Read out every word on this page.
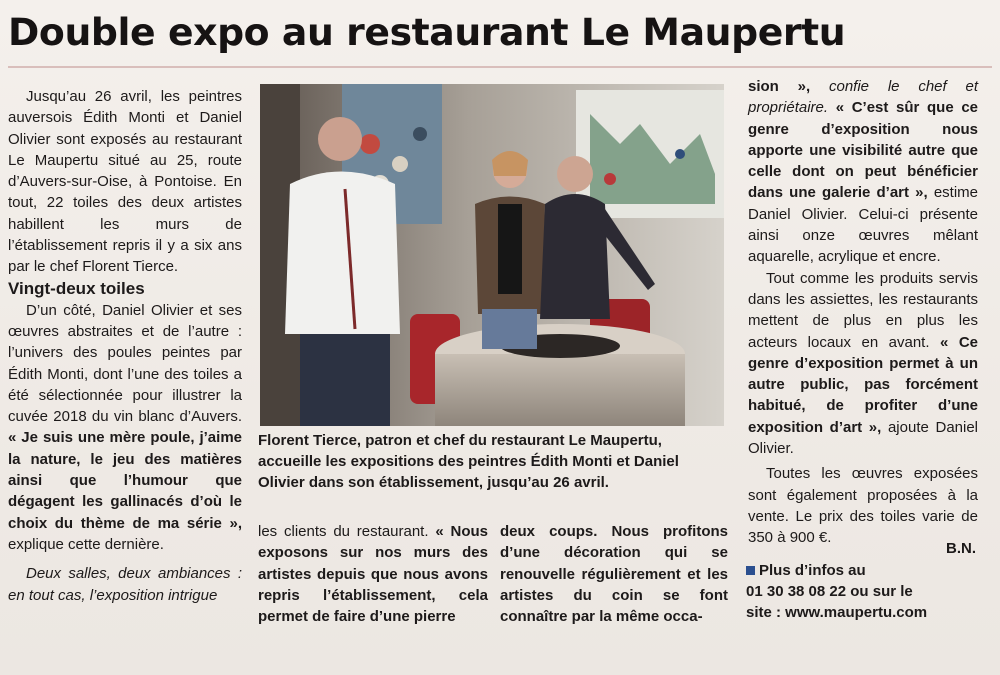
Double expo au restaurant Le Maupertu

Jusqu’au 26 avril, les peintres auversois Édith Monti et Daniel Olivier sont exposés au restaurant Le Maupertu situé au 25, route d’Auvers-sur-Oise, à Pontoise. En tout, 22 toiles des deux artistes habillent les murs de l’établissement repris il y a six ans par le chef Florent Tierce.

Vingt-deux toiles

D’un côté, Daniel Olivier et ses œuvres abstraites et de l’autre : l’univers des poules peintes par Édith Monti, dont l’une des toiles a été sélectionnée pour illustrer la cuvée 2018 du vin blanc d’Auvers. « Je suis une mère poule, j’aime la nature, le jeu des matières ainsi que l’humour que dégagent les gallinacés d’où le choix du thème de ma série », explique cette dernière.

Deux salles, deux ambiances : en tout cas, l’exposition intrigue

Florent Tierce, patron et chef du restaurant Le Maupertu, accueille les expositions des peintres Édith Monti et Daniel Olivier dans son établissement, jusqu’au 26 avril.

les clients du restaurant. « Nous exposons sur nos murs des artistes depuis que nous avons repris l’établissement, cela permet de faire d’une pierre

deux coups. Nous profitons d’une décoration qui se renouvelle régulièrement et les artistes du coin se font connaître par la même occa-

sion », confie le chef et propriétaire. « C’est sûr que ce genre d’exposition nous apporte une visibilité autre que celle dont on peut bénéficier dans une galerie d’art », estime Daniel Olivier. Celui-ci présente ainsi onze œuvres mêlant aquarelle, acrylique et encre.

Tout comme les produits servis dans les assiettes, les restaurants mettent de plus en plus les acteurs locaux en avant. « Ce genre d’exposition permet à un autre public, pas forcément habitué, de profiter d’une exposition d’art », ajoute Daniel Olivier.

Toutes les œuvres exposées sont également proposées à la vente. Le prix des toiles varie de 350 à 900 €.

B.N.
Plus d’infos au
01 30 38 08 22 ou sur le
site : www.maupertu.com
